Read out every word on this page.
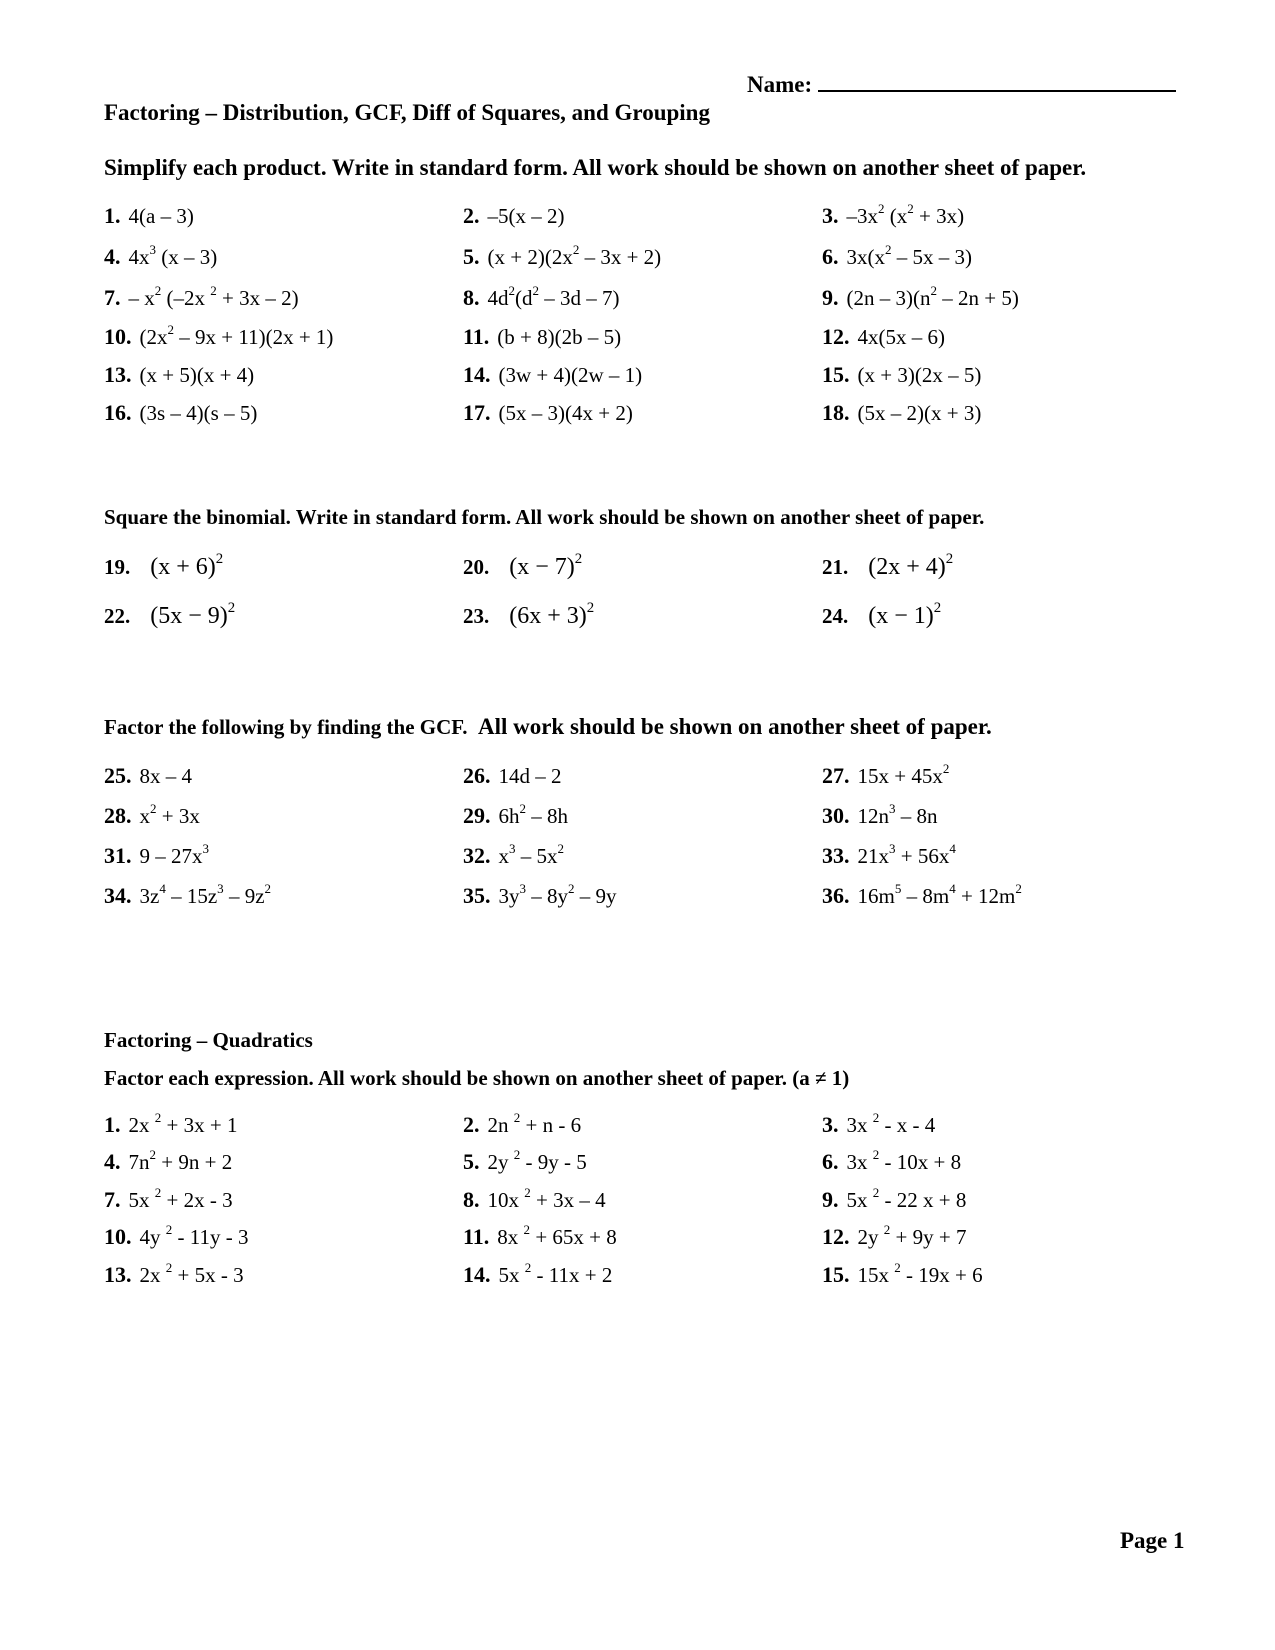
Name:
Factoring – Distribution, GCF, Diff of Squares, and Grouping
Simplify each product. Write in standard form. All work should be shown on another sheet of paper.
1. 4(a – 3)	2. –5(x – 2)	3. $-3x^2$ $(x^2 + 3x)$
4. $4x^3$ (x – 3)	5. $(x + 2)(2x^2 - 3x + 2)$	6. $3x(x^2 - 5x - 3)$
7. – $x^2$ (–2x $^2$ + 3x – 2)	8. $4d^2(d^2 - 3d - 7)$	9. $(2n - 3)(n^2 - 2n + 5)$
10. $(2x^2 - 9x + 11)(2x + 1)$	11. (b + 8)(2b – 5)	12. 4x(5x – 6)
13. (x + 5)(x + 4)	14. (3w + 4)(2w – 1)	15. (x + 3)(2x – 5)
16. (3s – 4)(s – 5)	17. (5x – 3)(4x + 2)	18. (5x – 2)(x + 3)
Square the binomial. Write in standard form. All work should be shown on another sheet of paper.
19. $(x + 6)^2$	20. $(x - 7)^2$	21. $(2x + 4)^2$
22. $(5x - 9)^2$	23. $(6x + 3)^2$	24. $(x - 1)^2$
Factor the following by finding the GCF. All work should be shown on another sheet of paper.
25. 8x – 4	26. 14d – 2	27. $15x + 45x^2$
28. $x^2 + 3x$	29. $6h^2 - 8h$	30. $12n^3 - 8n$
31. $9 - 27x^3$	32. $x^3 - 5x^2$	33. $21x^3 + 56x^4$
34. $3z^4 - 15z^3 - 9z^2$	35. $3y^3 - 8y^2 - 9y$	36. $16m^5 - 8m^4 + 12m^2$
Factoring – Quadratics
Factor each expression. All work should be shown on another sheet of paper. (a ≠ 1)
1. 2x $^2$ + 3x + 1	2. 2n $^2$ + n - 6	3. 3x $^2$ - x - 4
4. $7n^2 + 9n + 2$	5. 2y $^2$ - 9y - 5	6. 3x $^2$ - 10x + 8
7. 5x $^2$ + 2x - 3	8. 10x $^2$ + 3x – 4	9. 5x $^2$ - 22 x + 8
10. 4y $^2$ - 11y - 3	11. 8x $^2$ + 65x + 8	12. 2y $^2$ + 9y + 7
13. 2x $^2$ + 5x - 3	14. 5x $^2$ - 11x + 2	15. 15x $^2$ - 19x + 6
Page 1
